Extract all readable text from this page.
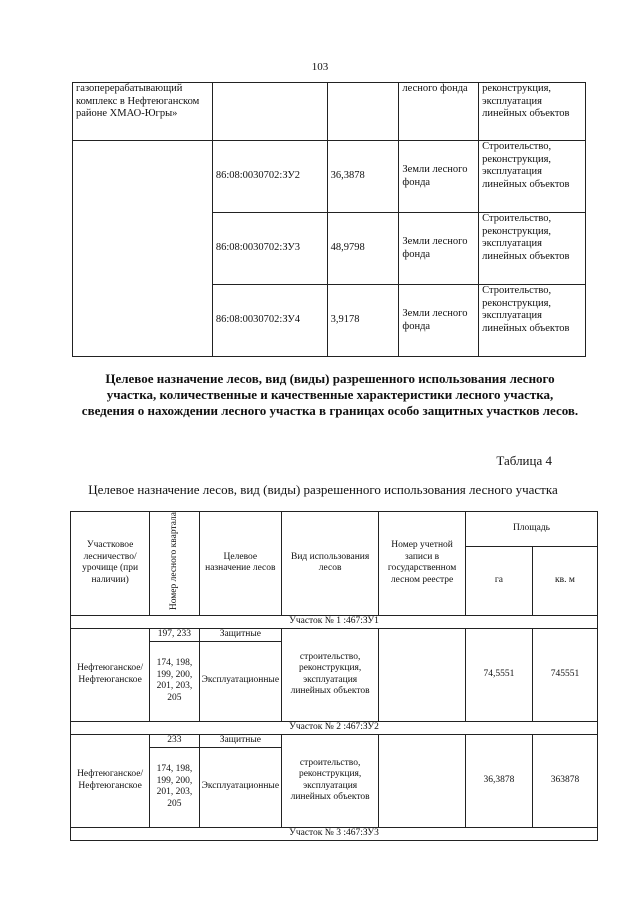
103
газоперерабатывающий комплекс в Нефтеюганском районе ХМАО-Югры»			лесного фонда	реконструкция, эксплуатация линейных объектов
	86:08:0030702:ЗУ2	36,3878	Земли лесного фонда	Строительство, реконструкция, эксплуатация линейных объектов
	86:08:0030702:ЗУ3	48,9798	Земли лесного фонда	Строительство, реконструкция, эксплуатация линейных объектов
	86:08:0030702:ЗУ4	3,9178	Земли лесного фонда	Строительство, реконструкция, эксплуатация линейных объектов
Целевое назначение лесов, вид (виды) разрешенного использования лесного участка, количественные и качественные характеристики лесного участка, сведения о нахождении лесного участка в границах особо защитных участков лесов.
Таблица 4
Целевое назначение лесов, вид (виды) разрешенного использования лесного участка
Участковое лесничество/ урочище (при наличии)	Номер лесного квартала	Целевое назначение лесов	Вид использования лесов	Номер учетной записи в государственном лесном реестре	Площадь	
					га	кв. м
Участок № 1 :467:ЗУ1						
Нефтеюганское/ Нефтеюганское	197, 233	Защитные	строительство, реконструкция, эксплуатация линейных объектов		74,5551	745551
	174, 198, 199, 200, 201, 203, 205	Эксплуатационные				
Участок № 2 :467:ЗУ2						
Нефтеюганское/ Нефтеюганское	233	Защитные	строительство, реконструкция, эксплуатация линейных объектов		36,3878	363878
	174, 198, 199, 200, 201, 203, 205	Эксплуатационные				
Участок № 3 :467:ЗУ3						
